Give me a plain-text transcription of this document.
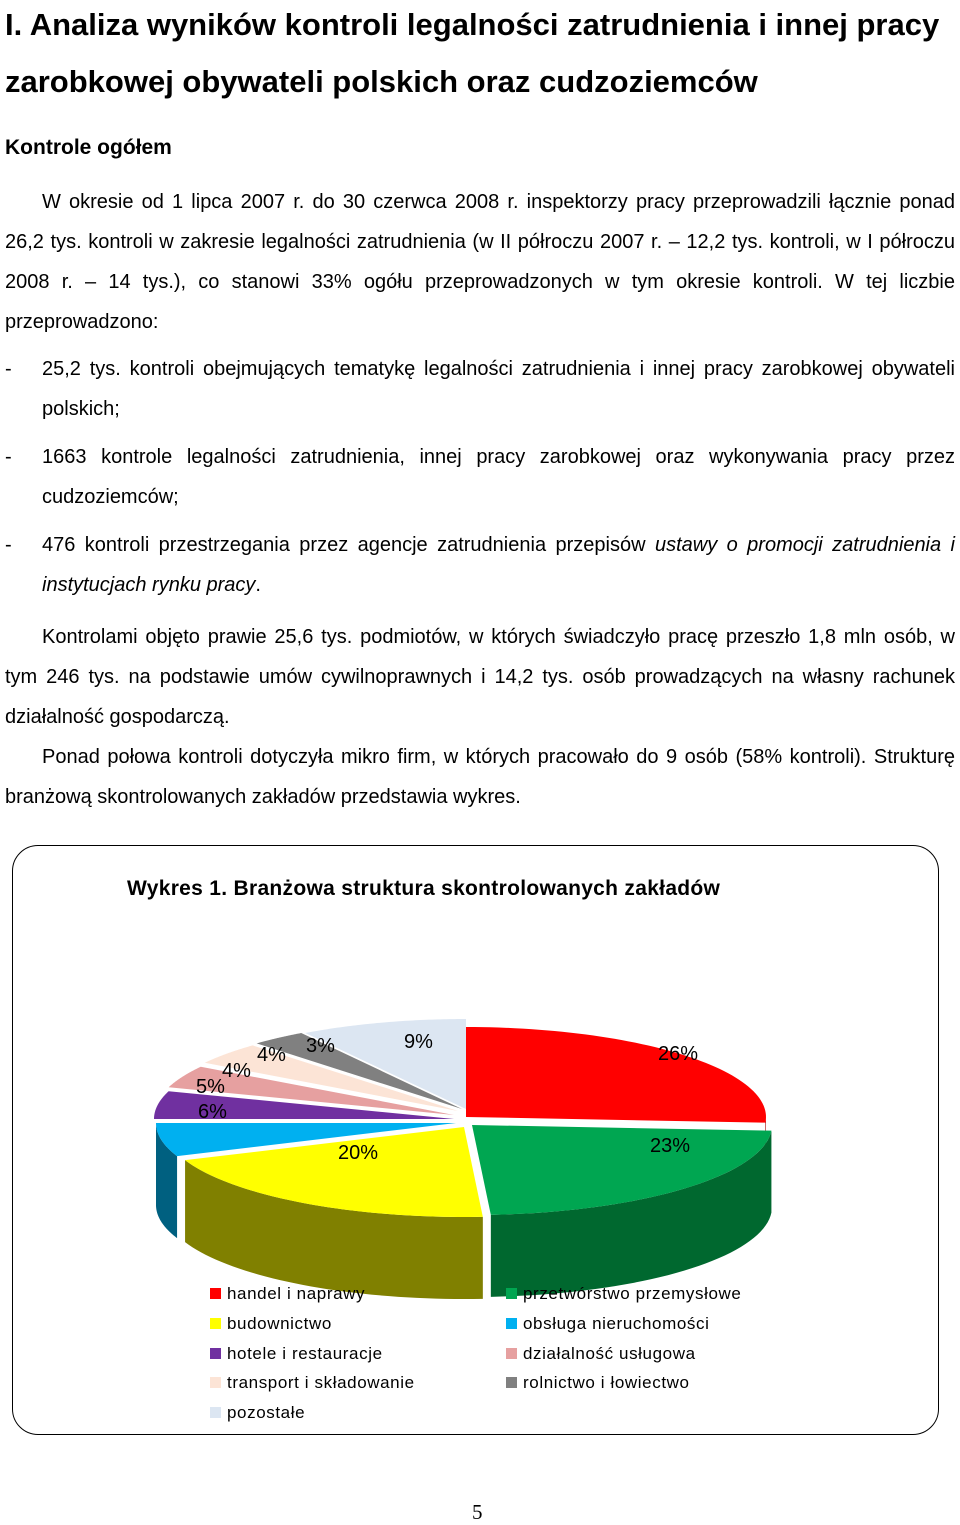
I. Analiza wyników kontroli legalności zatrudnienia i innej pracy zarobkowej obywateli polskich oraz cudzoziemców
Kontrole ogółem

W okresie od 1 lipca 2007 r. do 30 czerwca 2008 r. inspektorzy pracy przeprowadzili łącznie ponad 26,2 tys. kontroli w zakresie legalności zatrudnienia (w II półroczu 2007 r. – 12,2 tys. kontroli, w I półroczu 2008 r. – 14 tys.), co stanowi 33% ogółu przeprowadzonych w tym okresie kontroli. W tej liczbie przeprowadzono:

- 25,2 tys. kontroli obejmujących tematykę legalności zatrudnienia i innej pracy zarobkowej obywateli polskich;
- 1663 kontrole legalności zatrudnienia, innej pracy zarobkowej oraz wykonywania pracy przez cudzoziemców;
- 476 kontroli przestrzegania przez agencje zatrudnienia przepisów ustawy o promocji zatrudnienia i instytucjach rynku pracy.

Kontrolami objęto prawie 25,6 tys. podmiotów, w których świadczyło pracę przeszło 1,8 mln osób, w tym 246 tys. na podstawie umów cywilnoprawnych i 14,2 tys. osób prowadzących na własny rachunek działalność gospodarczą.

Ponad połowa kontroli dotyczyła mikro firm, w których pracowało do 9 osób (58% kontroli). Strukturę branżową skontrolowanych zakładów przedstawia wykres.

Wykres 1. Branżowa struktura skontrolowanych zakładów
26%
23%
20%
6%
5%
4%
4% 3%	9%
handel i naprawy
budownictwo
hotele i restauracje
transport i składowanie
pozostałe
przetwórstwo przemysłowe
obsługa nieruchomości
działalność usługowa
rolnictwo i łowiectwo
5
